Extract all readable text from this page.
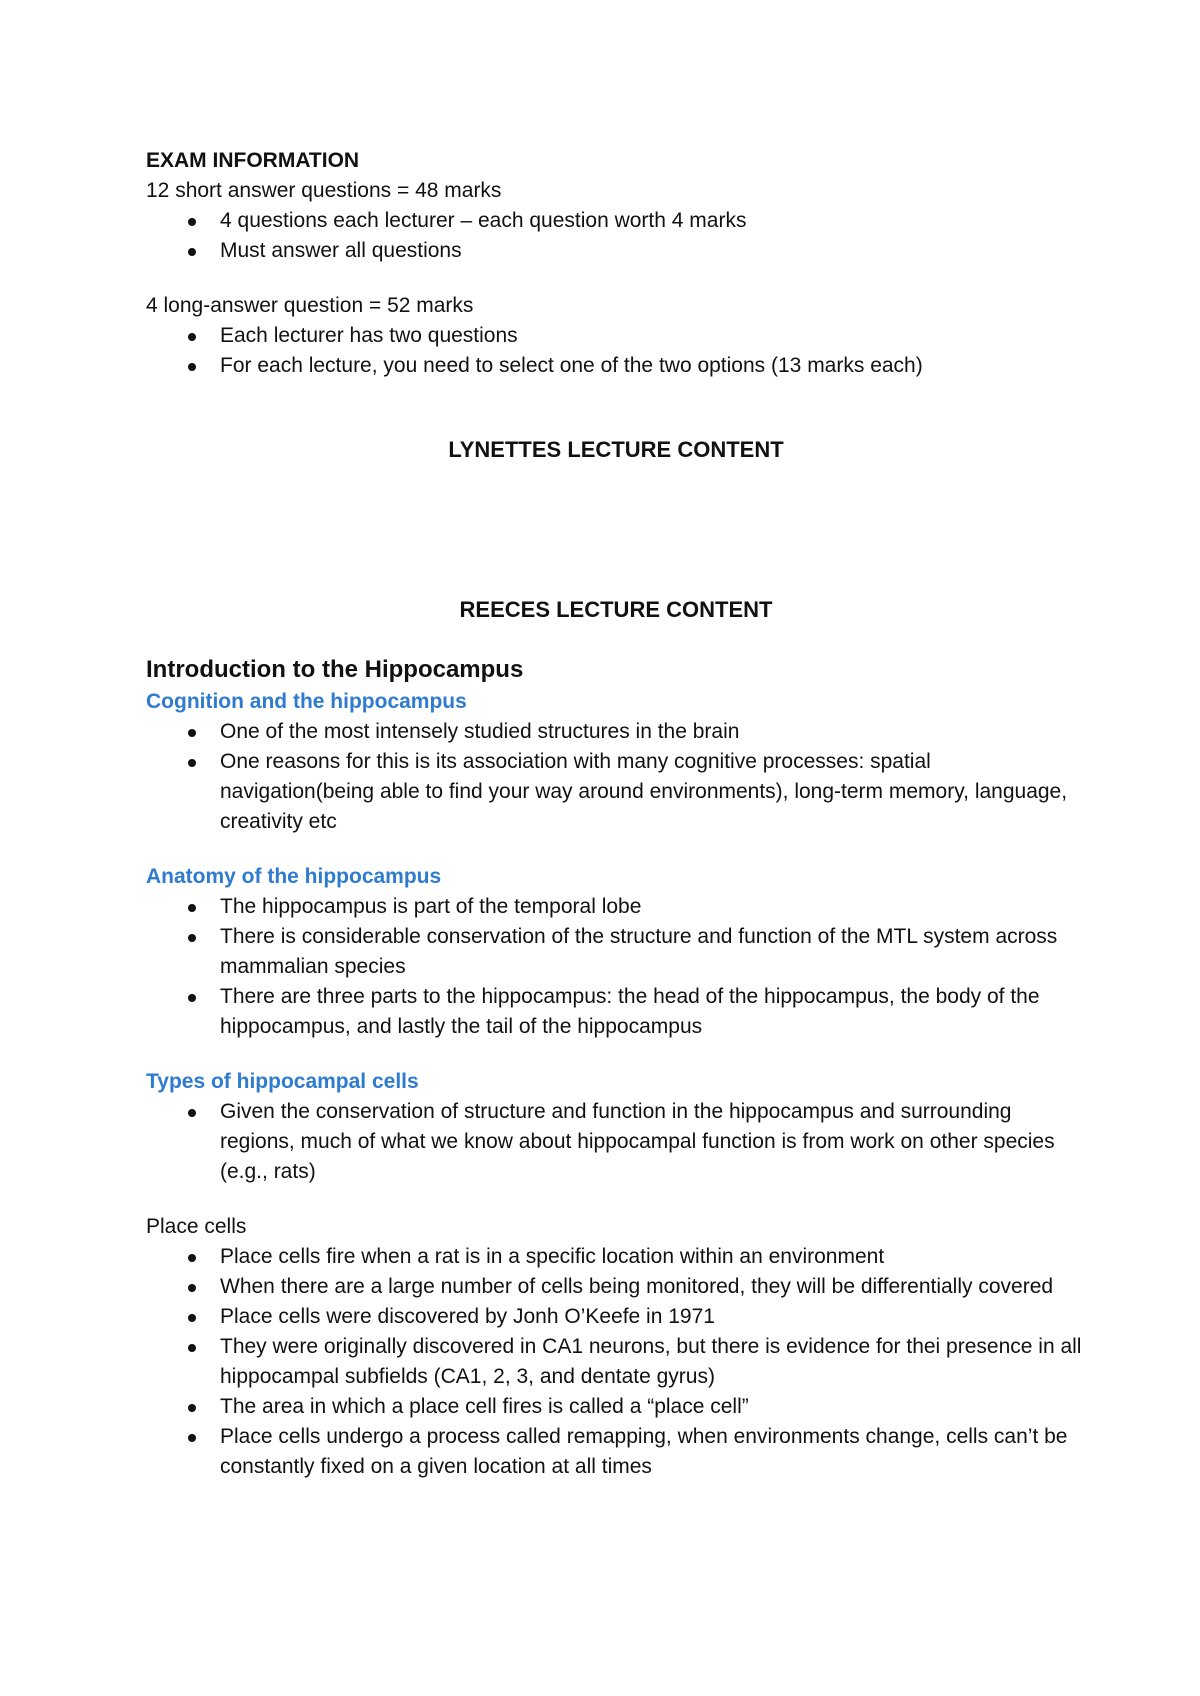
EXAM INFORMATION

12 short answer questions = 48 marks

4 questions each lecturer – each question worth 4 marks
Must answer all questions

4 long-answer question = 52 marks

Each lecturer has two questions
For each lecture, you need to select one of the two options (13 marks each)

LYNETTES LECTURE CONTENT

REECES LECTURE CONTENT

Introduction to the Hippocampus

Cognition and the hippocampus

One of the most intensely studied structures in the brain
One reasons for this is its association with many cognitive processes: spatial navigation(being able to find your way around environments), long-term memory, language, creativity etc

Anatomy of the hippocampus

The hippocampus is part of the temporal lobe
There is considerable conservation of the structure and function of the MTL system across mammalian species
There are three parts to the hippocampus: the head of the hippocampus, the body of the hippocampus, and lastly the tail of the hippocampus

Types of hippocampal cells

Given the conservation of structure and function in the hippocampus and surrounding regions, much of what we know about hippocampal function is from work on other species (e.g., rats)

Place cells

Place cells fire when a rat is in a specific location within an environment
When there are a large number of cells being monitored, they will be differentially covered
Place cells were discovered by Jonh O’Keefe in 1971
They were originally discovered in CA1 neurons, but there is evidence for thei presence in all hippocampal subfields (CA1, 2, 3, and dentate gyrus)
The area in which a place cell fires is called a “place cell”
Place cells undergo a process called remapping, when environments change, cells can’t be constantly fixed on a given location at all times
